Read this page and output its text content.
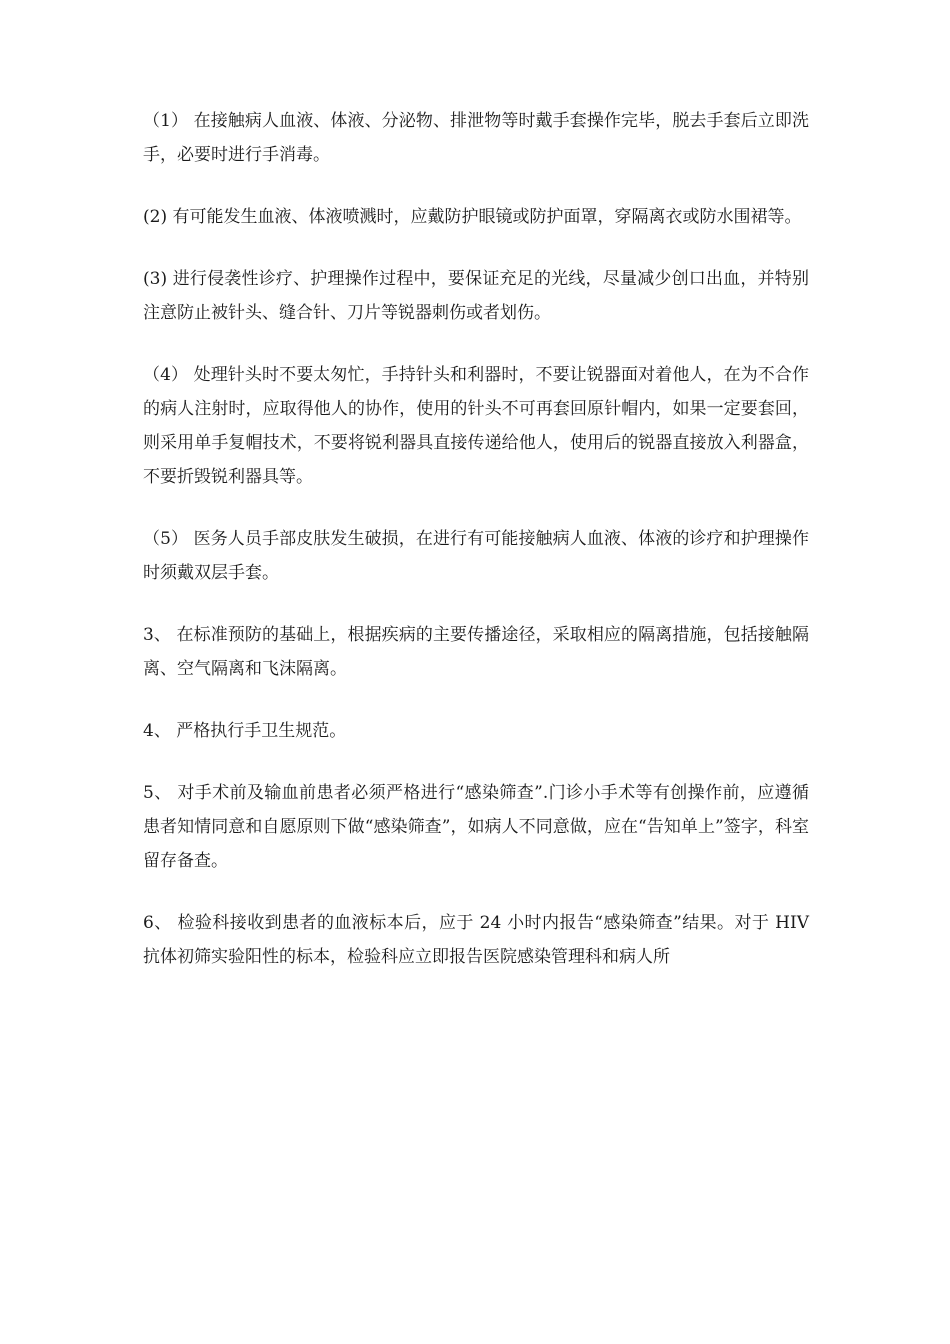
（1） 在接触病人血液、体液、分泌物、排泄物等时戴手套操作完毕，脱去手套后立即洗手，必要时进行手消毒。

(2) 有可能发生血液、体液喷溅时，应戴防护眼镜或防护面罩，穿隔离衣或防水围裙等。

(3) 进行侵袭性诊疗、护理操作过程中，要保证充足的光线，尽量减少创口出血，并特别注意防止被针头、缝合针、刀片等锐器刺伤或者划伤。

（4） 处理针头时不要太匆忙，手持针头和利器时，不要让锐器面对着他人，在为不合作的病人注射时，应取得他人的协作，使用的针头不可再套回原针帽内，如果一定要套回，则采用单手复帽技术，不要将锐利器具直接传递给他人，使用后的锐器直接放入利器盒，不要折毁锐利器具等。

（5） 医务人员手部皮肤发生破损，在进行有可能接触病人血液、体液的诊疗和护理操作时须戴双层手套。

3、 在标准预防的基础上，根据疾病的主要传播途径，采取相应的隔离措施，包括接触隔离、空气隔离和飞沫隔离。

4、 严格执行手卫生规范。

5、 对手术前及输血前患者必须严格进行“感染筛查”.门诊小手术等有创操作前，应遵循患者知情同意和自愿原则下做“感染筛查”，如病人不同意做，应在“告知单上”签字，科室留存备查。

6、 检验科接收到患者的血液标本后，应于 24 小时内报告“感染筛查”结果。对于 HIV 抗体初筛实验阳性的标本，检验科应立即报告医院感染管理科和病人所
